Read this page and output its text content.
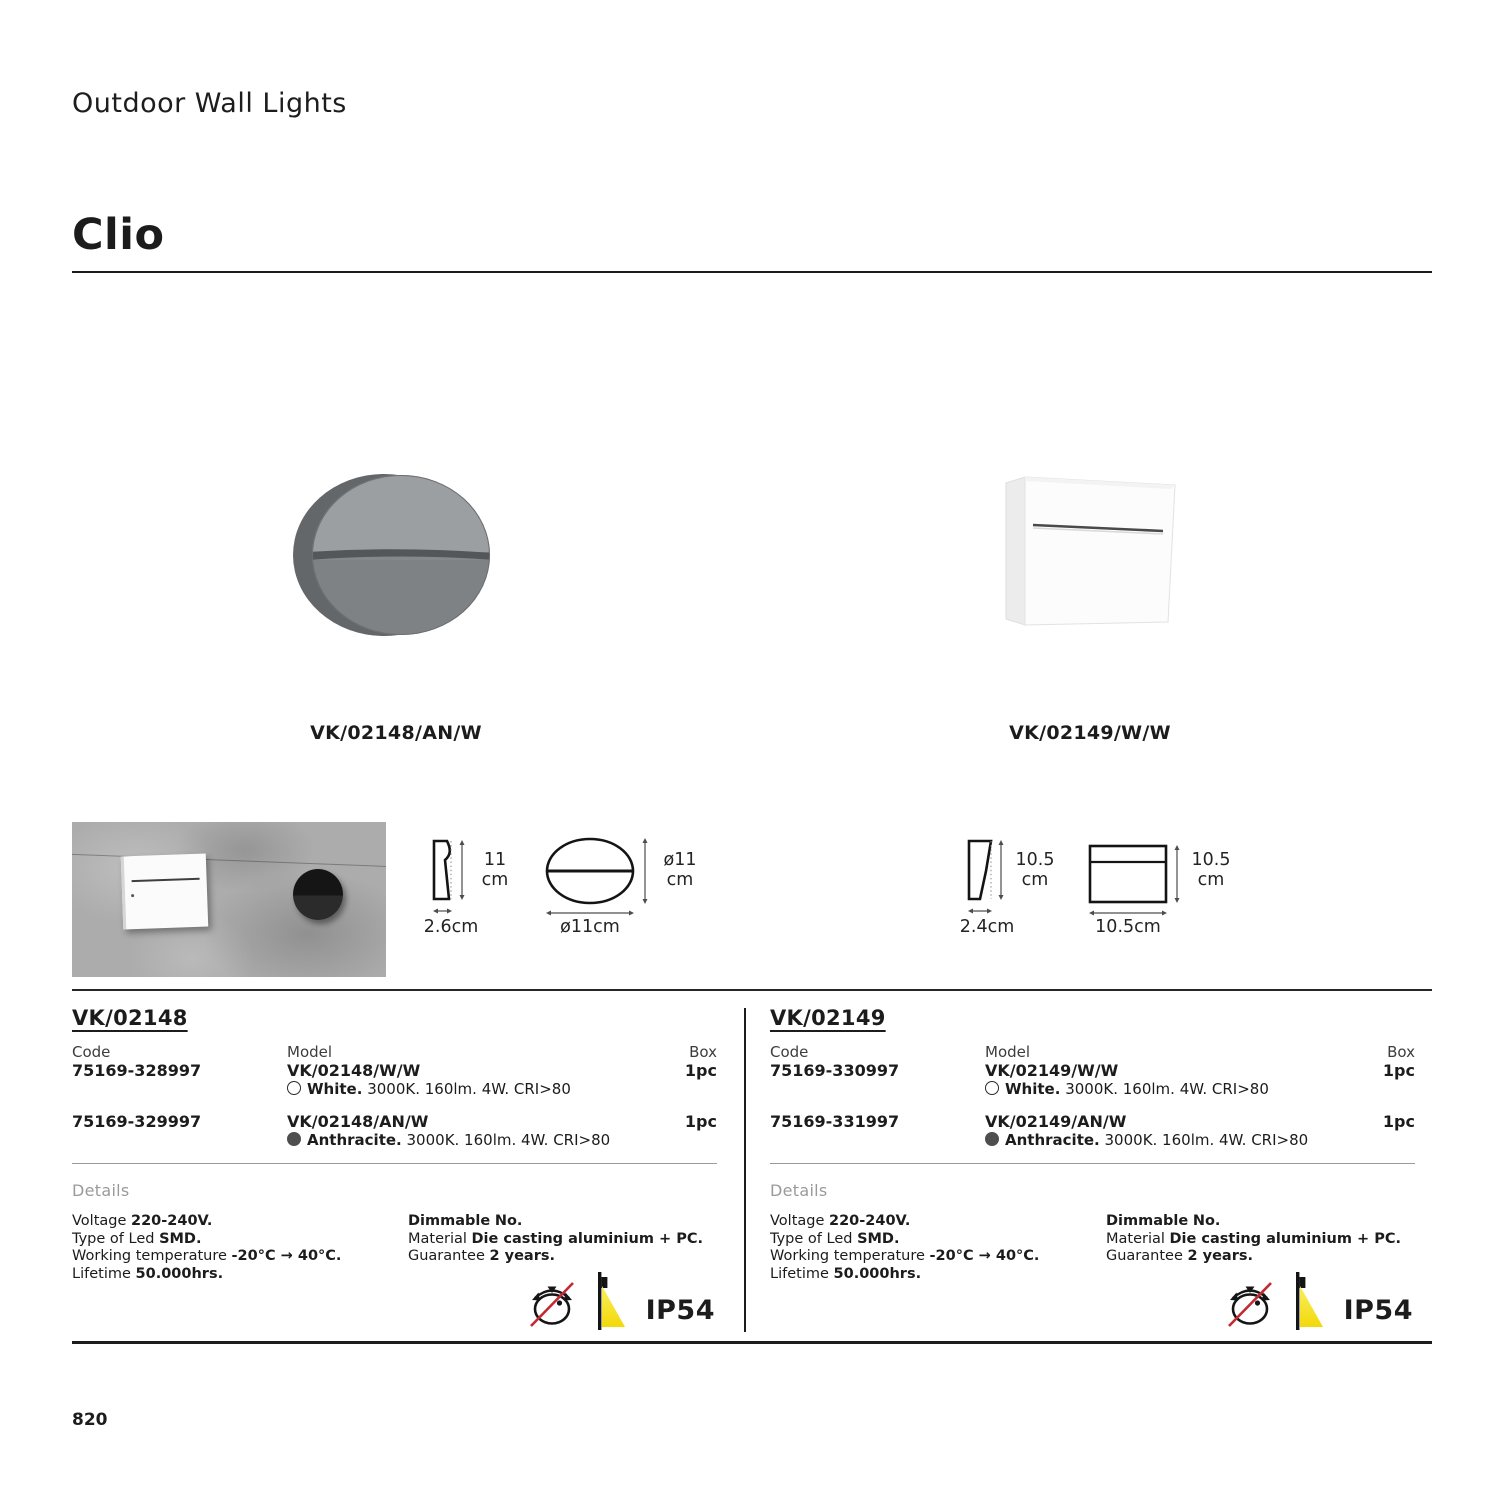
Outdoor Wall Lights
Clio
VK/02148/AN/W	VK/02149/W/W
11
cm
2.6cm
ø11
cm
ø11cm
10.5
cm
2.4cm
10.5
cm
10.5cm
VK/02148
Code	Model	Box
75169-328997	VK/02148/W/W	1pc
White. 3000K. 160lm. 4W. CRI>80
75169-329997	VK/02148/AN/W	1pc
Anthracite. 3000K. 160lm. 4W. CRI>80
Details
Voltage 220-240V.
Type of Led SMD.
Working temperature -20°C → 40°C.
Lifetime 50.000hrs.
Dimmable No.
Material Die casting aluminium + PC.
Guarantee 2 years.
IP54
VK/02149
Code	Model	Box
75169-330997	VK/02149/W/W	1pc
White. 3000K. 160lm. 4W. CRI>80
75169-331997	VK/02149/AN/W	1pc
Anthracite. 3000K. 160lm. 4W. CRI>80
Details
Voltage 220-240V.
Type of Led SMD.
Working temperature -20°C → 40°C.
Lifetime 50.000hrs.
Dimmable No.
Material Die casting aluminium + PC.
Guarantee 2 years.
IP54
820
